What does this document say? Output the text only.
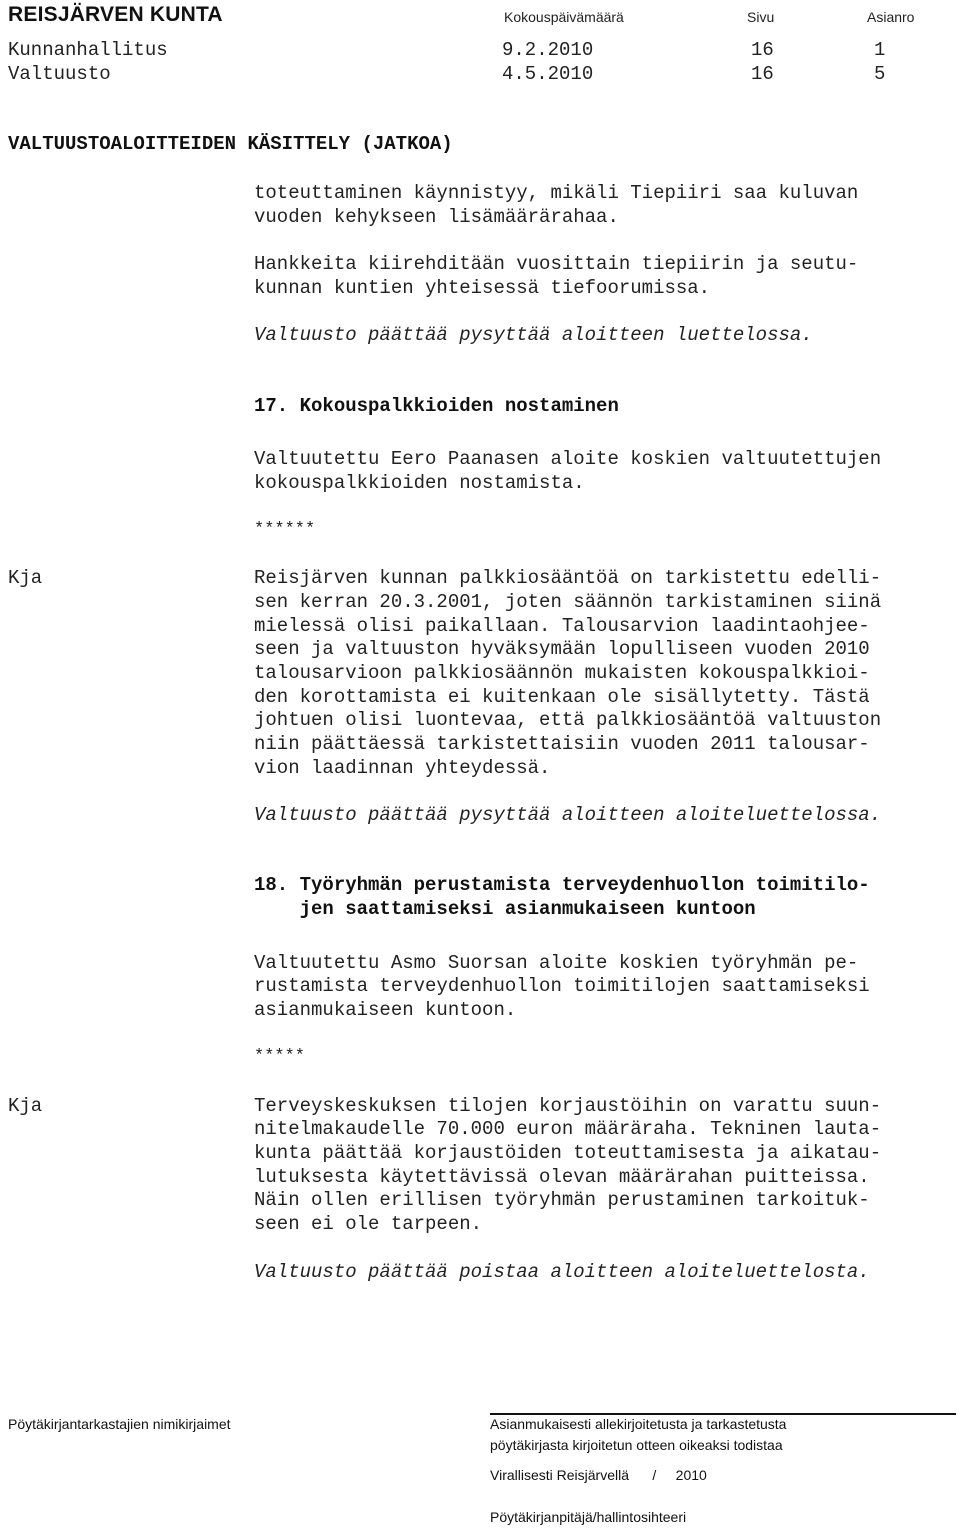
REISJÄRVEN KUNTA	Kokouspäivämäärä	Sivu	Asianro
Kunnanhallitus	9.2.2010	16	1
Valtuusto	4.5.2010	16	5
VALTUUSTOALOITTEIDEN KÄSITTELY (JATKOA)
toteuttaminen käynnistyy, mikäli Tiepiiri saa kuluvan
vuoden kehykseen lisämäärärahaa.
Hankkeita kiirehditään vuosittain tiepiirin ja seutu-
kunnan kuntien yhteisessä tiefoorumissa.
Valtuusto päättää pysyttää aloitteen luettelossa.
17. Kokouspalkkioiden nostaminen
Valtuutettu Eero Paanasen aloite koskien valtuutettujen
kokouspalkkioiden nostamista.
******
Kja	Reisjärven kunnan palkkiosääntöä on tarkistettu edelli-
sen kerran 20.3.2001, joten säännön tarkistaminen siinä
mielessä olisi paikallaan. Talousarvion laadintaohjee-
seen ja valtuuston hyväksymään lopulliseen vuoden 2010
talousarvioon palkkiosäännön mukaisten kokouspalkkioi-
den korottamista ei kuitenkaan ole sisällytetty. Tästä
johtuen olisi luontevaa, että palkkiosääntöä valtuuston
niin päättäessä tarkistettaisiin vuoden 2011 talousar-
vion laadinnan yhteydessä.
Valtuusto päättää pysyttää aloitteen aloiteluettelossa.
18. Työryhmän perustamista terveydenhuollon toimitilo-
jen saattamiseksi asianmukaiseen kuntoon
Valtuutettu Asmo Suorsan aloite koskien työryhmän pe-
rustamista terveydenhuollon toimitilojen saattamiseksi
asianmukaiseen kuntoon.
*****
Kja	Terveyskeskuksen tilojen korjaustöihin on varattu suun-
nitelmakaudelle 70.000 euron määräraha. Tekninen lauta-
kunta päättää korjaustöiden toteuttamisesta ja aikatau-
lutuksesta käytettävissä olevan määrärahan puitteissa.
Näin ollen erillisen työryhmän perustaminen tarkoituk-
seen ei ole tarpeen.
Valtuusto päättää poistaa aloitteen aloiteluettelosta.
Pöytäkirjantarkastajien nimikirjaimet	Asianmukaisesti allekirjoitetusta ja tarkastetusta
pöytäkirjasta kirjoitetun otteen oikeaksi todistaa
Virallisesti Reisjärvellä      /     2010
Pöytäkirjanpitäjä/hallintosihteeri
